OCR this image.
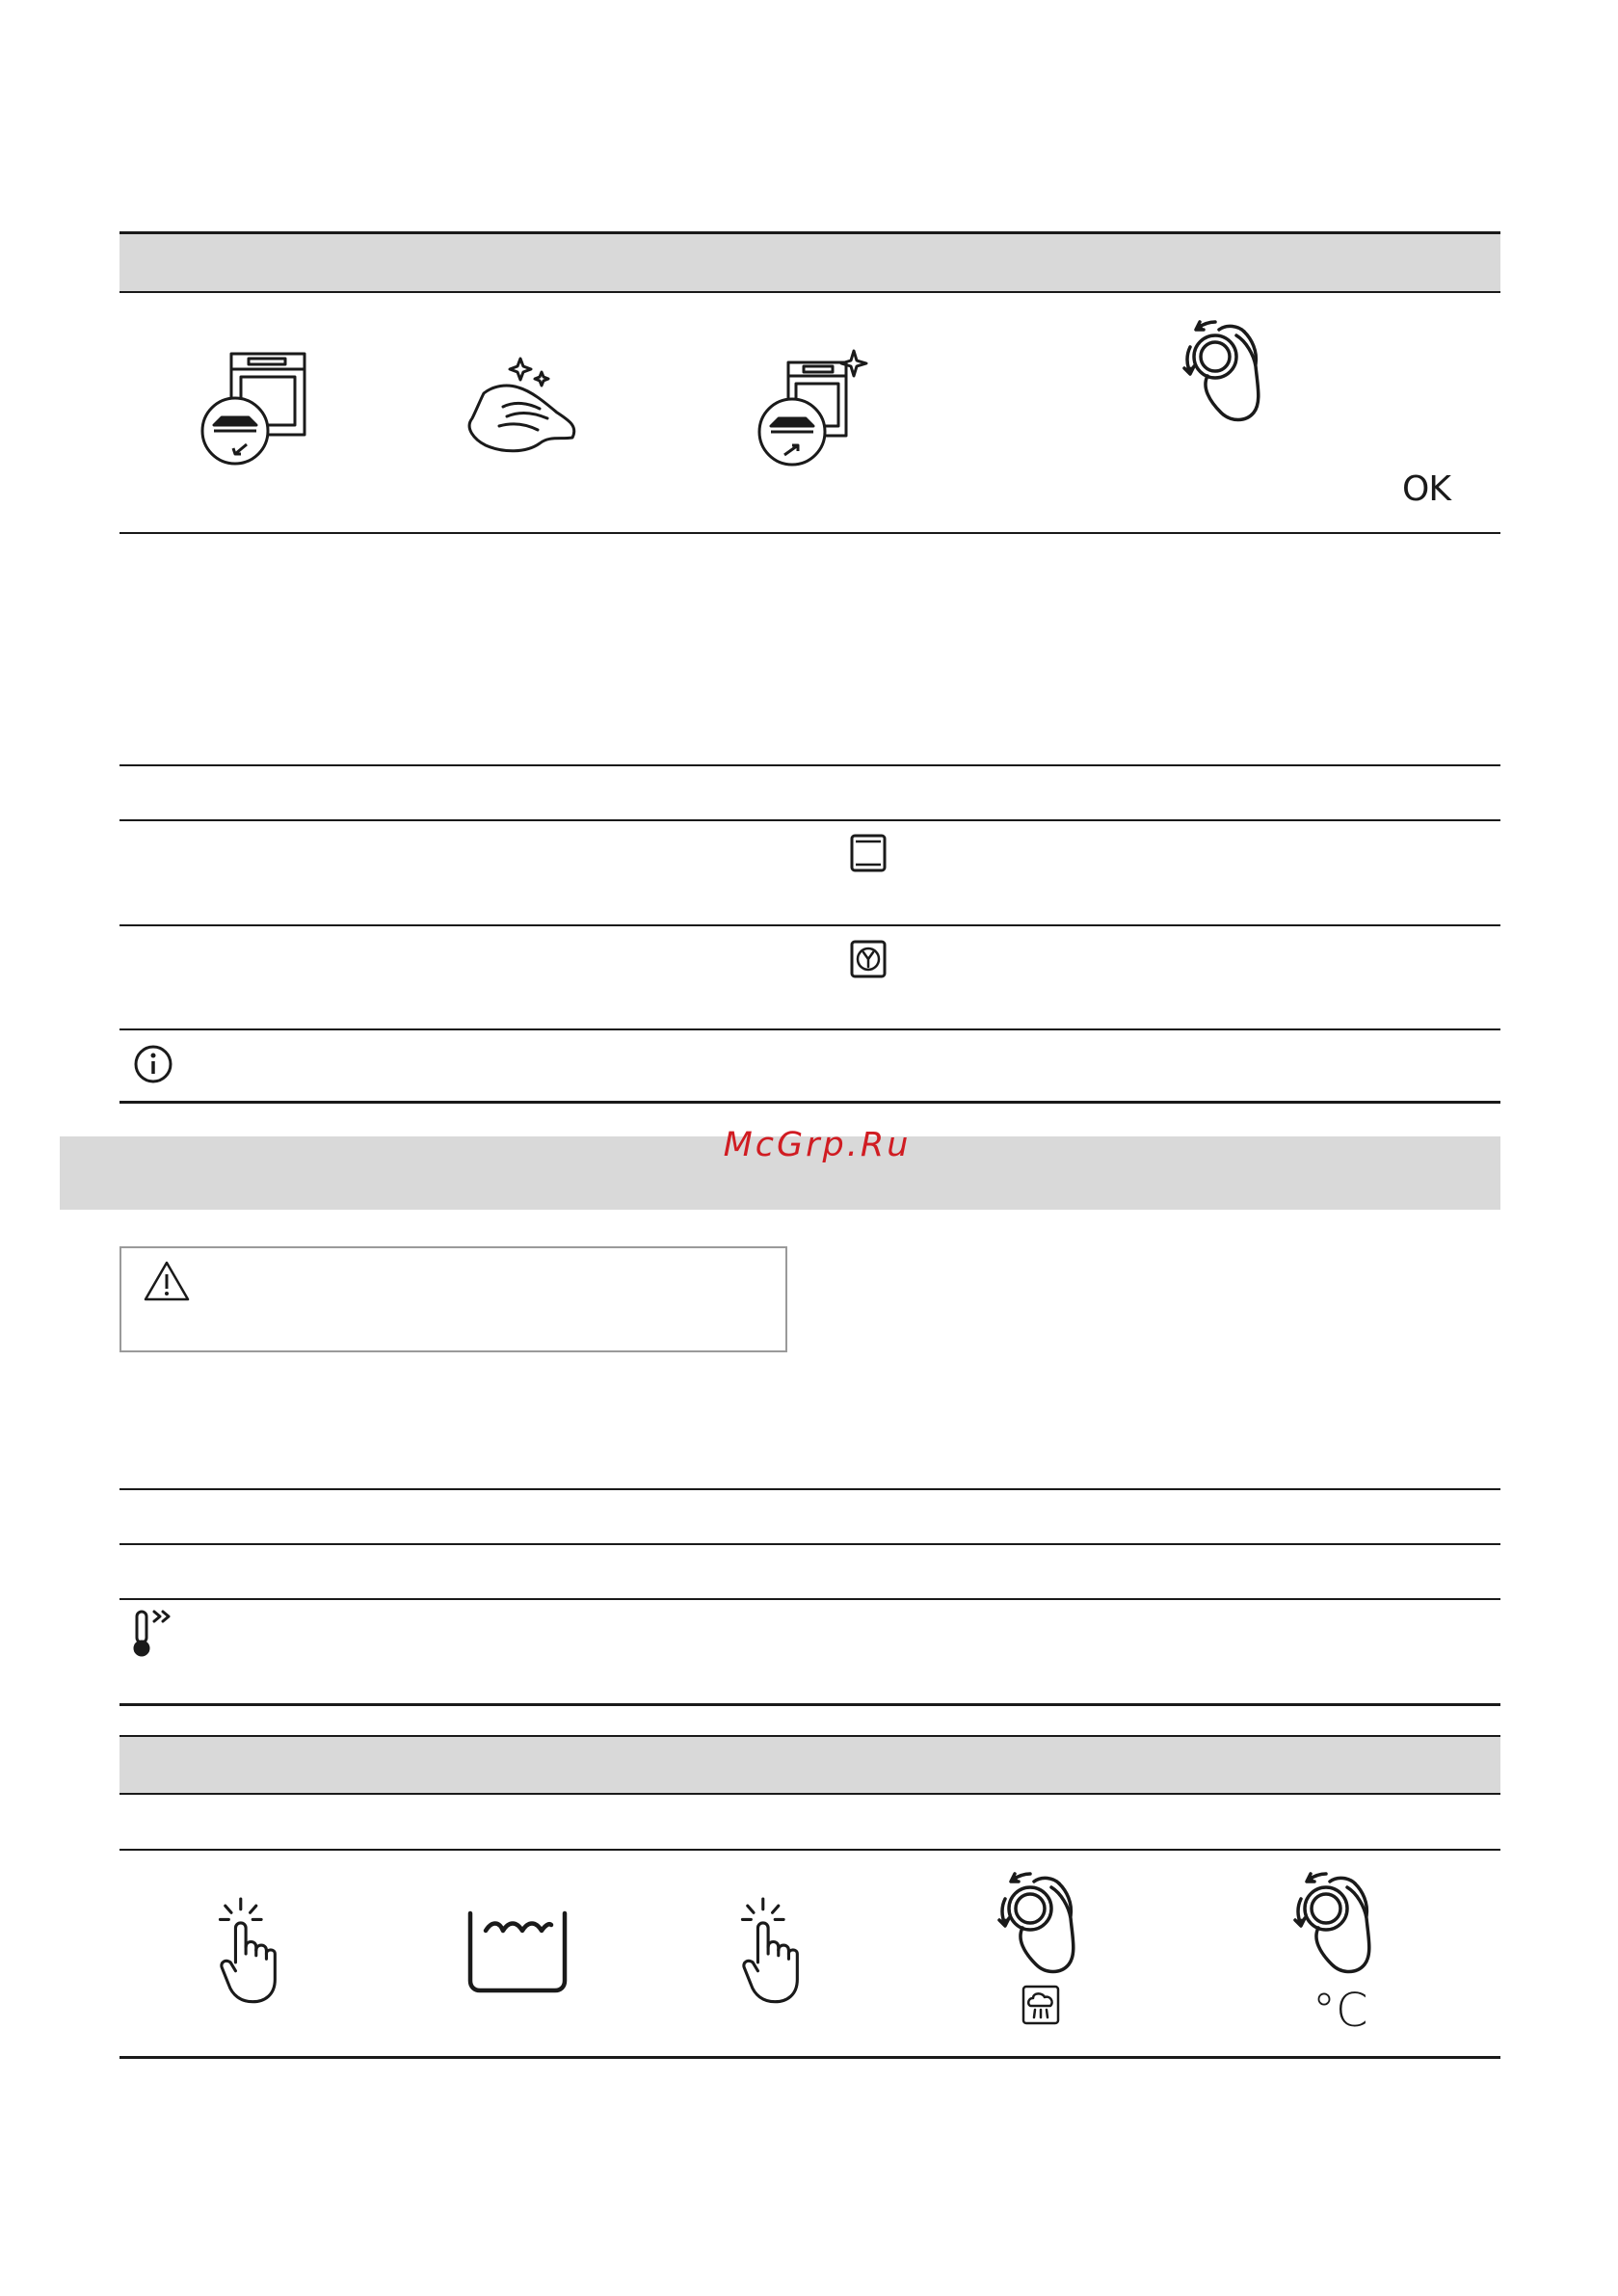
OK
McGrp.Ru
°C
